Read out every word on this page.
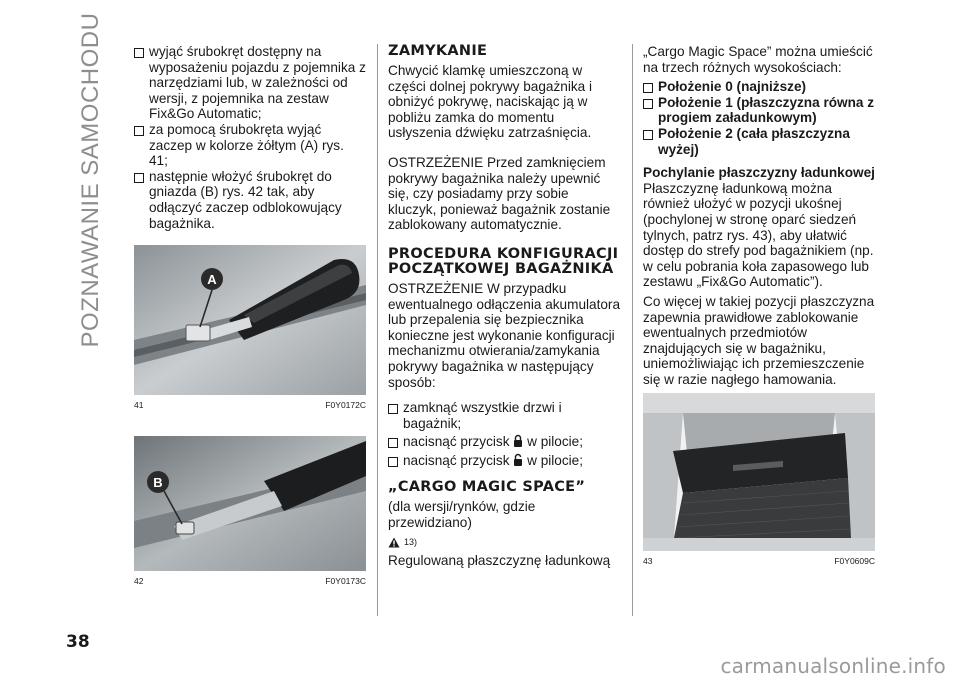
POZNAWANIE SAMOCHODU	wyjąć śrubokręt dostępny na wyposażeniu pojazdu z pojemnika z narzędziami lub, w zależności od wersji, z pojemnika na zestaw Fix&Go Automatic;
za pomocą śrubokręta wyjąć zaczep w kolorze żółtym (A) rys. 41;
następnie włożyć śrubokręt do gniazda (B) rys. 42 tak, aby odłączyć zaczep odblokowujący bagażnika.
A
41	F0Y0172C
B
42	F0Y0173C
ZAMYKANIE

Chwycić klamkę umieszczoną w części dolnej pokrywy bagażnika i obniżyć pokrywę, naciskając ją w pobliżu zamka do momentu usłyszenia dźwięku zatrzaśnięcia.

OSTRZEŻENIE Przed zamknięciem pokrywy bagażnika należy upewnić się, czy posiadamy przy sobie kluczyk, ponieważ bagażnik zostanie zablokowany automatycznie.

PROCEDURA KONFIGURACJI POCZĄTKOWEJ BAGAŻNIKA

OSTRZEŻENIE W przypadku ewentualnego odłączenia akumulatora lub przepalenia się bezpiecznika konieczne jest wykonanie konfiguracji mechanizmu otwierania/zamykania pokrywy bagażnika w następujący sposób:

zamknąć wszystkie drzwi i bagażnik;
nacisnąć przycisk w pilocie;
nacisnąć przycisk w pilocie;
„CARGO MAGIC SPACE”

(dla wersji/rynków, gdzie przewidziano)

13)

Regulowaną płaszczyznę ładunkową

„Cargo Magic Space” można umieścić na trzech różnych wysokościach:

Położenie 0 (najniższe)
Położenie 1 (płaszczyzna równa z progiem załadunkowym)
Położenie 2 (cała płaszczyzna wyżej)
Pochylanie płaszczyzny ładunkowej

Płaszczyznę ładunkową można również ułożyć w pozycji ukośnej (pochylonej w stronę oparć siedzeń tylnych, patrz rys. 43), aby ułatwić dostęp do strefy pod bagażnikiem (np. w celu pobrania koła zapasowego lub zestawu „Fix&Go Automatic”).

Co więcej w takiej pozycji płaszczyzna zapewnia prawidłowe zablokowanie ewentualnych przedmiotów znajdujących się w bagażniku, uniemożliwiając ich przemieszczenie się w razie nagłego hamowania.

43	F0Y0609C
38
carmanualsonline.info
